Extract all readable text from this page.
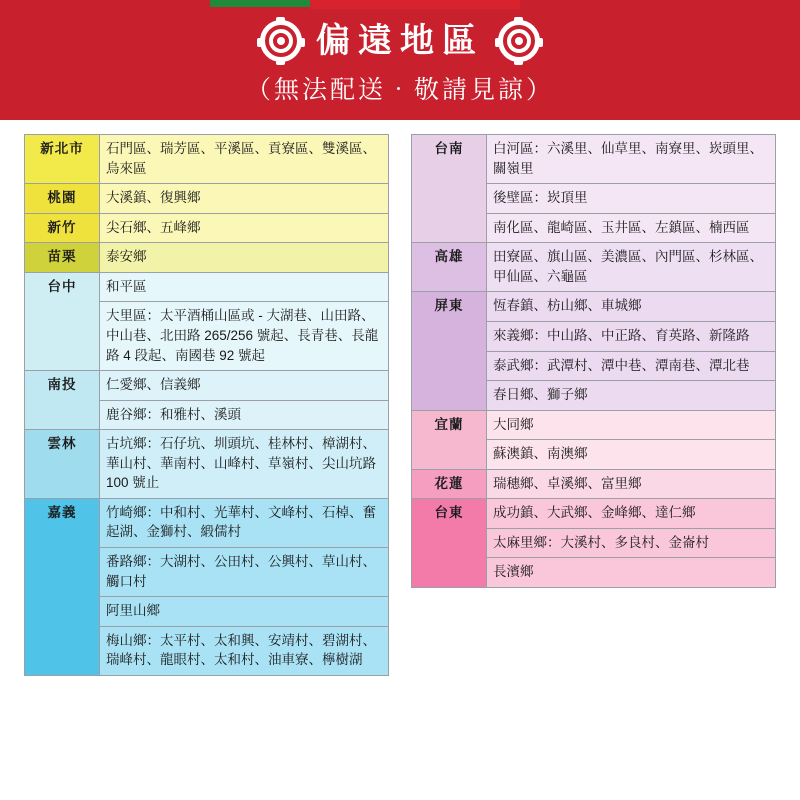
偏遠地區
（無法配送‧敬請見諒）
新北市	石門區、瑞芳區、平溪區、貢寮區、雙溪區、烏來區
桃園	大溪鎮、復興鄉
新竹	尖石鄉、五峰鄉
苗栗	泰安鄉
台中	和平區
	大里區：太平酒桶山區或 - 大湖巷、山田路、中山巷、北田路 265/256 號起、長青巷、長龍路 4 段起、南國巷 92 號起
南投	仁愛鄉、信義鄉
	鹿谷鄉：和雅村、溪頭
雲林	古坑鄉：石仔坑、圳頭坑、桂林村、樟湖村、華山村、華南村、山峰村、草嶺村、尖山坑路 100 號止
嘉義	竹崎鄉：中和村、光華村、文峰村、石棹、奮起湖、金獅村、緞儒村
	番路鄉：大湖村、公田村、公興村、草山村、觸口村
	阿里山鄉
	梅山鄉：太平村、太和興、安靖村、碧湖村、瑞峰村、龍眼村、太和村、油車寮、檸樹湖
台南	白河區：六溪里、仙草里、南寮里、崁頭里、關嶺里
	後壁區：崁頂里
	南化區、龍崎區、玉井區、左鎮區、楠西區
高雄	田寮區、旗山區、美濃區、內門區、杉林區、甲仙區、六龜區
屏東	恆春鎮、枋山鄉、車城鄉
	來義鄉：中山路、中正路、育英路、新隆路
	泰武鄉：武潭村、潭中巷、潭南巷、潭北巷
	春日鄉、獅子鄉
宜蘭	大同鄉
	蘇澳鎮、南澳鄉
花蓮	瑞穗鄉、卓溪鄉、富里鄉
台東	成功鎮、大武鄉、金峰鄉、達仁鄉
	太麻里鄉：大溪村、多良村、金崙村
	長濱鄉
